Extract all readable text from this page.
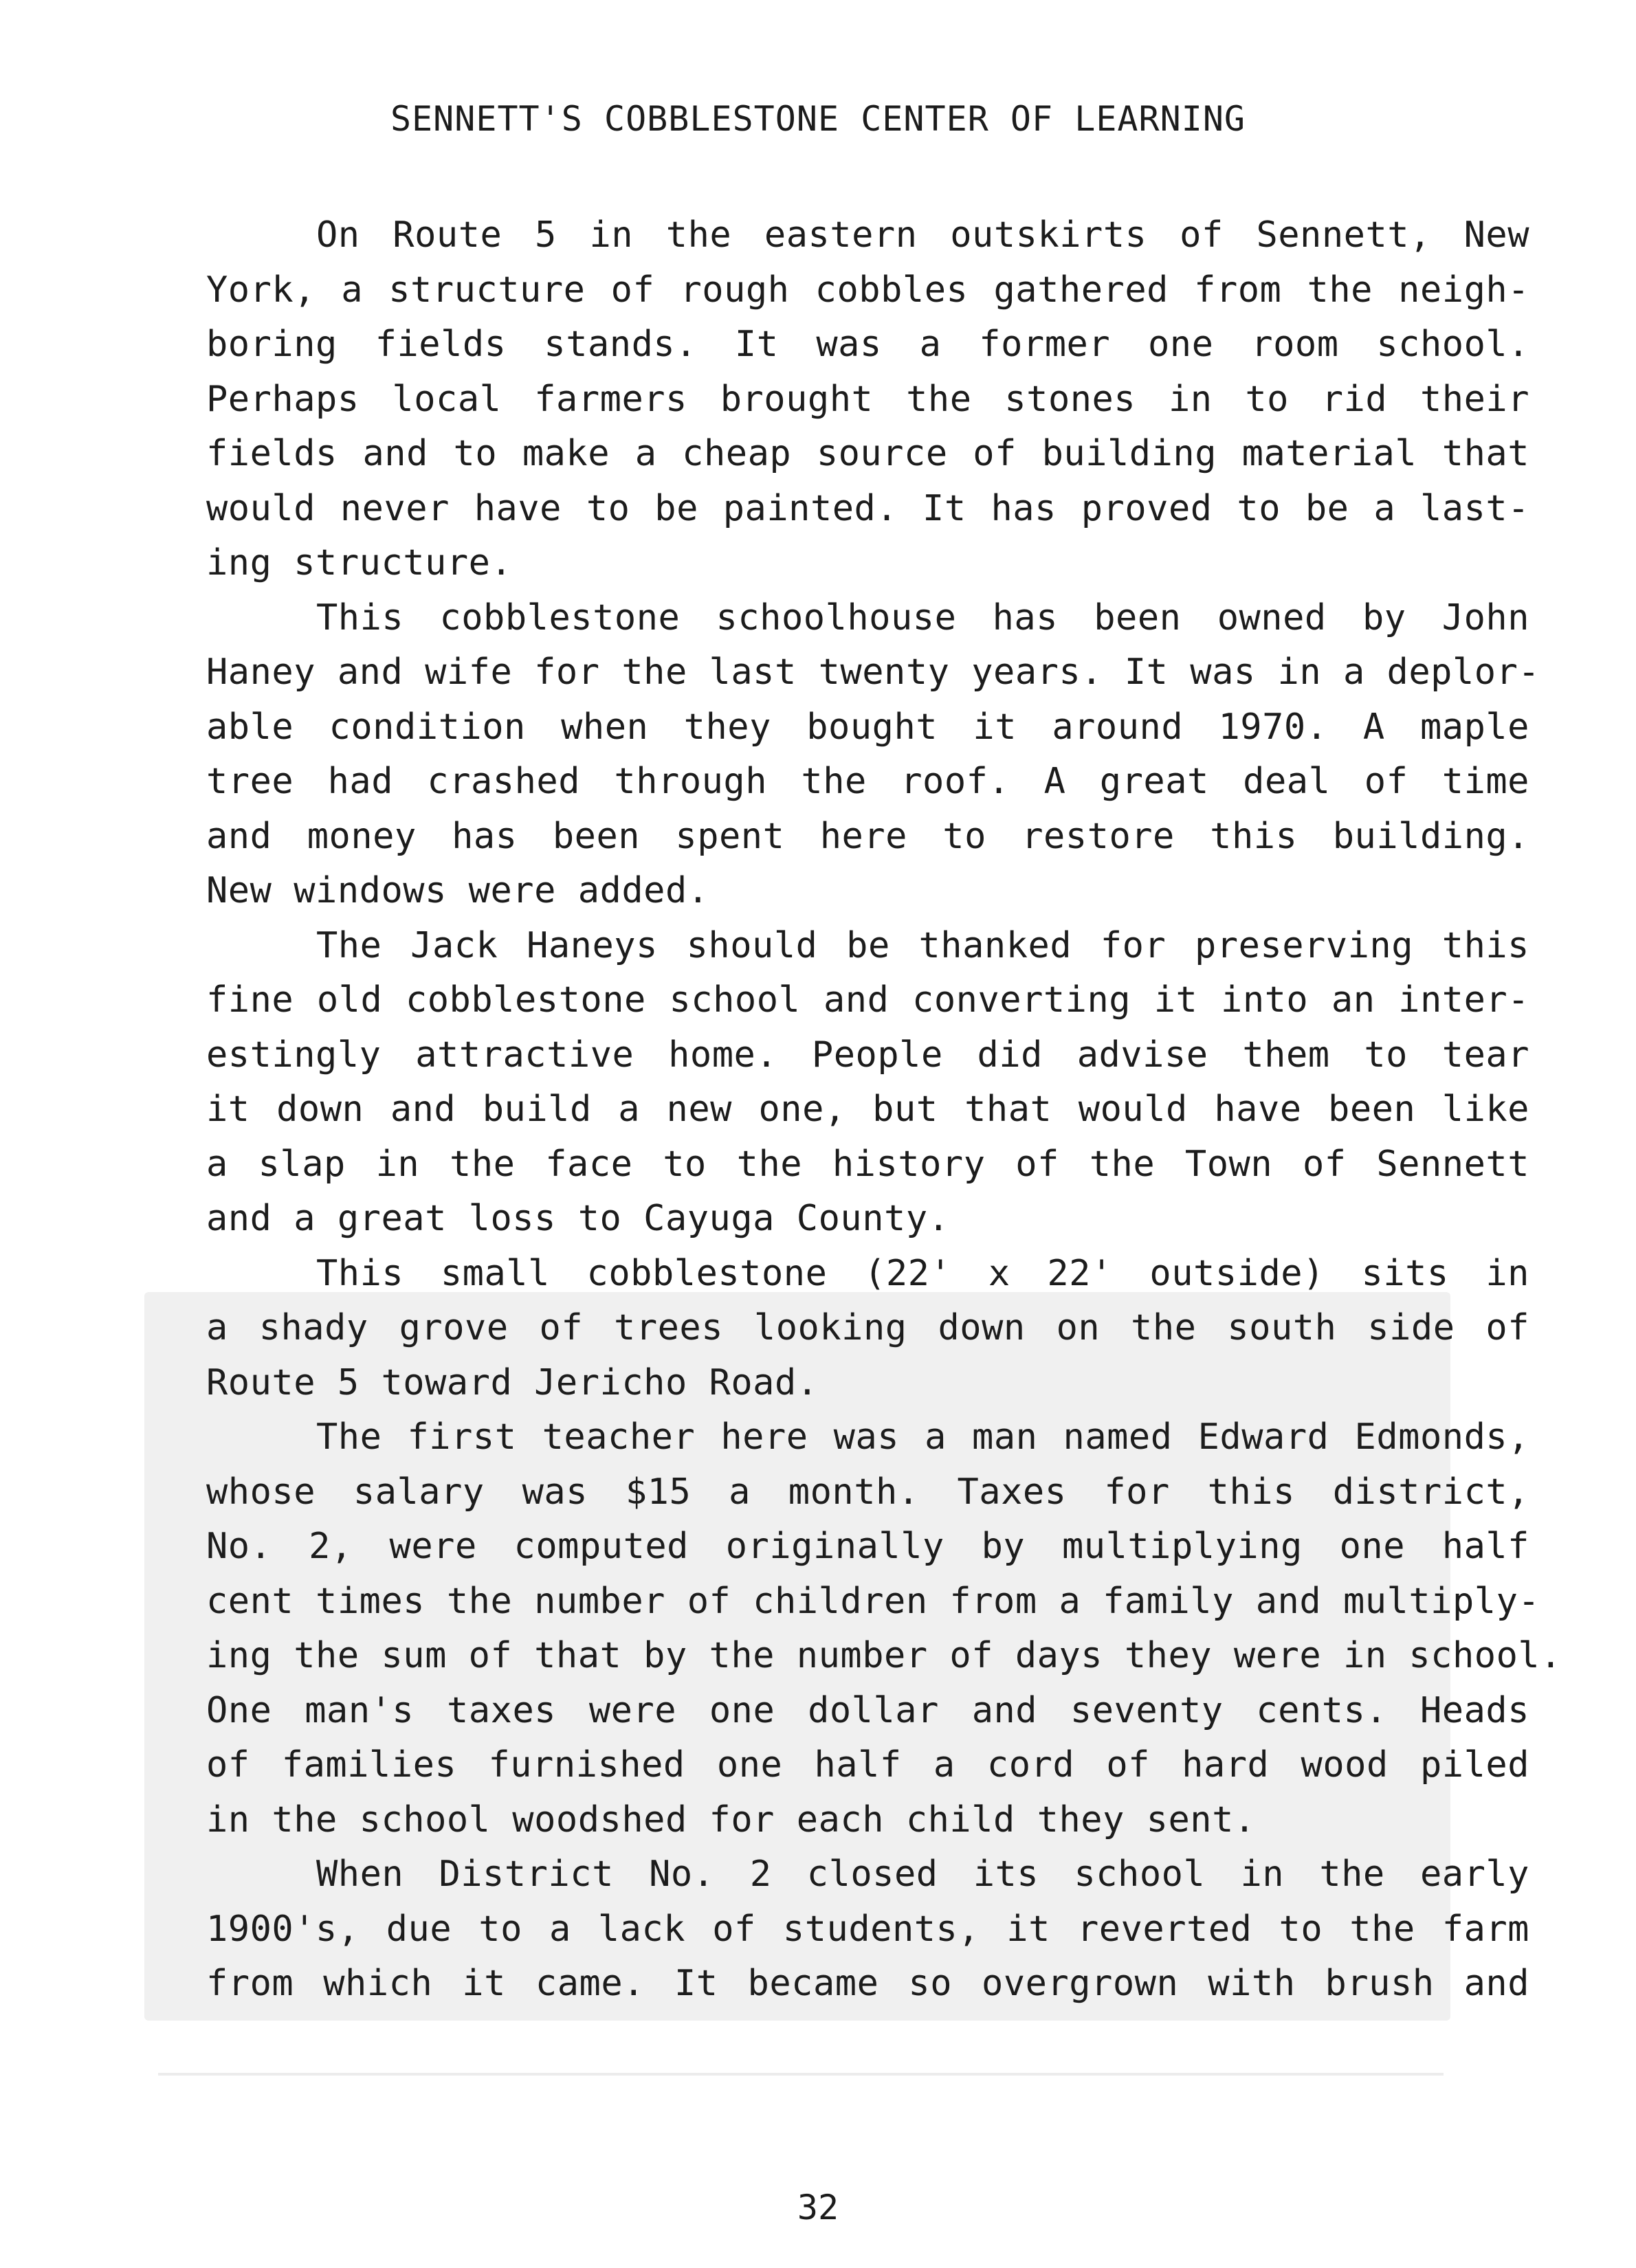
SENNETT'S COBBLESTONE CENTER OF LEARNING
On Route 5 in the eastern outskirts of Sennett, New
York, a structure of rough cobbles gathered from the neigh-
boring fields stands. It was a former one room school.
Perhaps local farmers brought the stones in to rid their
fields and to make a cheap source of building material that
would never have to be painted. It has proved to be a last-
ing structure.
This cobblestone schoolhouse has been owned by John
Haney and wife for the last twenty years. It was in a deplor-
able condition when they bought it around 1970. A maple
tree had crashed through the roof. A great deal of time
and money has been spent here to restore this building.
New windows were added.
The Jack Haneys should be thanked for preserving this
fine old cobblestone school and converting it into an inter-
estingly attractive home. People did advise them to tear
it down and build a new one, but that would have been like
a slap in the face to the history of the Town of Sennett
and a great loss to Cayuga County.
This small cobblestone (22' x 22' outside) sits in
a shady grove of trees looking down on the south side of
Route 5 toward Jericho Road.
The first teacher here was a man named Edward Edmonds,
whose salary was $15 a month. Taxes for this district,
No. 2, were computed originally by multiplying one half
cent times the number of children from a family and multiply-
ing the sum of that by the number of days they were in school.
One man's taxes were one dollar and seventy cents. Heads
of families furnished one half a cord of hard wood piled
in the school woodshed for each child they sent.
When District No. 2 closed its school in the early
1900's, due to a lack of students, it reverted to the farm
from which it came. It became so overgrown with brush and
32
